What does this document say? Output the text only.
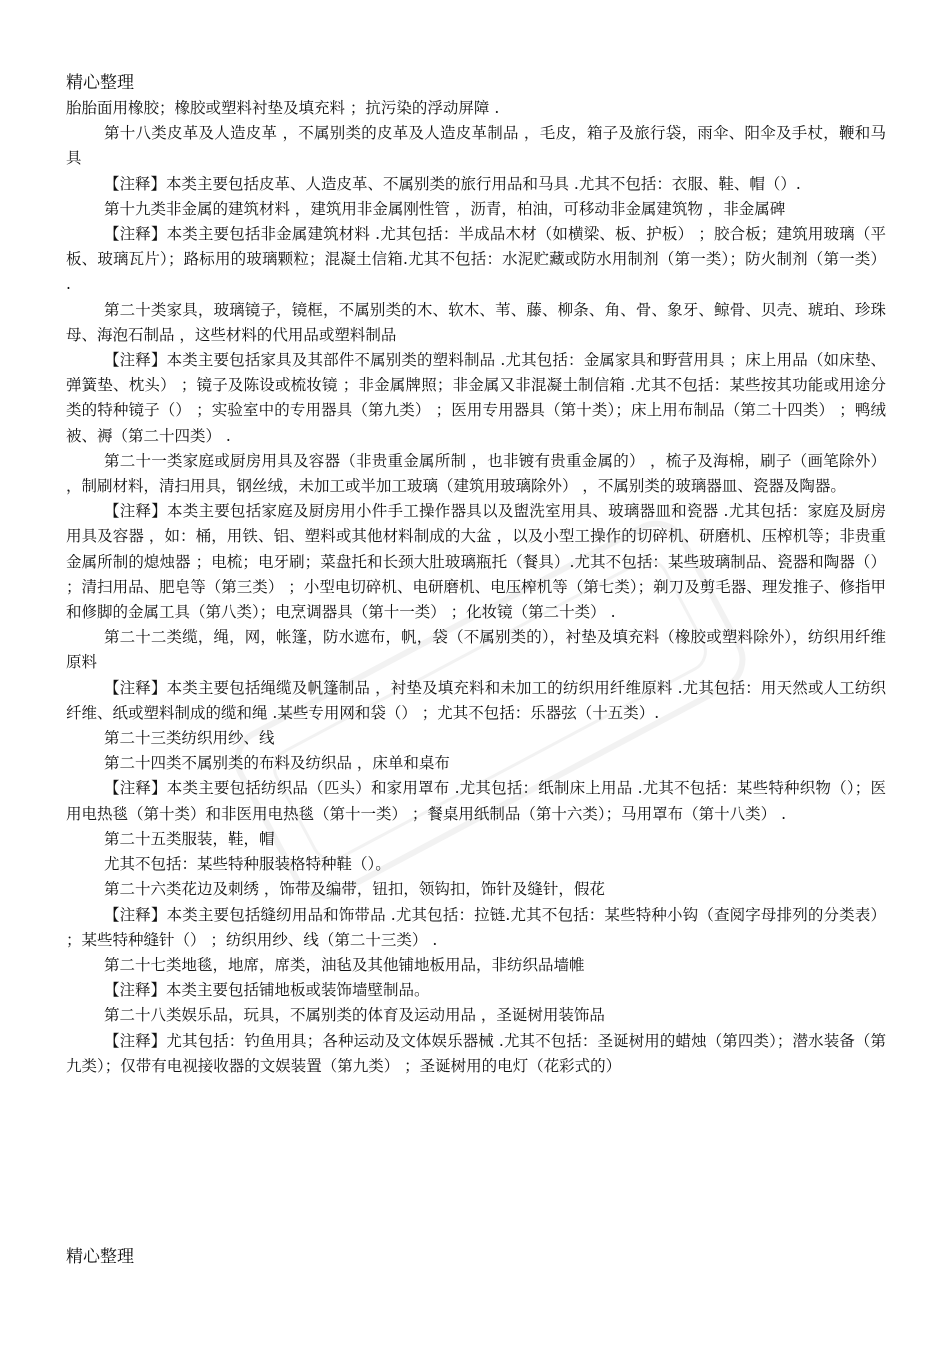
精心整理

胎胎面用橡胶；橡胶或塑料衬垫及填充料 ；抗污染的浮动屏障 .

第十八类皮革及人造皮革 ，不属别类的皮革及人造皮革制品 ，毛皮，箱子及旅行袋，雨伞、阳伞及手杖，鞭和马具

【注释】本类主要包括皮革、人造皮革、不属别类的旅行用品和马具 .尤其不包括：衣服、鞋、帽（）.

第十九类非金属的建筑材料 ，建筑用非金属刚性管 ，沥青，柏油，可移动非金属建筑物 ，非金属碑

【注释】本类主要包括非金属建筑材料 .尤其包括：半成品木材（如横梁、板、护板） ；胶合板；建筑用玻璃（平板、玻璃瓦片）；路标用的玻璃颗粒；混凝土信箱.尤其不包括：水泥贮藏或防水用制剂（第一类）；防火制剂（第一类） .

第二十类家具，玻璃镜子，镜框，不属别类的木、软木、苇、藤、柳条、角、骨、象牙、鲸骨、贝壳、琥珀、珍珠母、海泡石制品 ，这些材料的代用品或塑料制品

【注释】本类主要包括家具及其部件不属别类的塑料制品 .尤其包括：金属家具和野营用具 ；床上用品（如床垫、弹簧垫、枕头） ；镜子及陈设或梳妆镜 ；非金属牌照；非金属又非混凝土制信箱 .尤其不包括：某些按其功能或用途分类的特种镜子（） ；实验室中的专用器具（第九类） ；医用专用器具（第十类）；床上用布制品（第二十四类） ；鸭绒被、褥（第二十四类） .

第二十一类家庭或厨房用具及容器（非贵重金属所制 ，也非镀有贵重金属的） ，梳子及海棉，刷子（画笔除外） ，制刷材料，清扫用具，钢丝绒，未加工或半加工玻璃（建筑用玻璃除外） ，不属别类的玻璃器皿、瓷器及陶器。

【注释】本类主要包括家庭及厨房用小件手工操作器具以及盥洗室用具、玻璃器皿和瓷器 .尤其包括：家庭及厨房用具及容器 ，如：桶，用铁、铝、塑料或其他材料制成的大盆 ，以及小型工操作的切碎机、研磨机、压榨机等；非贵重金属所制的熄烛器 ；电梳；电牙刷；菜盘托和长颈大肚玻璃瓶托（餐具）.尤其不包括：某些玻璃制品、瓷器和陶器（） ；清扫用品、肥皂等（第三类） ；小型电切碎机、电研磨机、电压榨机等（第七类）；剃刀及剪毛器、理发推子、修指甲和修脚的金属工具（第八类）；电烹调器具（第十一类） ；化妆镜（第二十类） .

第二十二类缆，绳，网，帐篷，防水遮布，帆，袋（不属别类的），衬垫及填充料（橡胶或塑料除外），纺织用纤维原料

【注释】本类主要包括绳缆及帆篷制品 ，衬垫及填充料和未加工的纺织用纤维原料 .尤其包括：用天然或人工纺织纤维、纸或塑料制成的缆和绳 .某些专用网和袋（） ；尤其不包括：乐器弦（十五类）.

第二十三类纺织用纱、线

第二十四类不属别类的布料及纺织品 ，床单和桌布

【注释】本类主要包括纺织品（匹头）和家用罩布 .尤其包括：纸制床上用品 .尤其不包括：某些特种织物（）；医用电热毯（第十类）和非医用电热毯（第十一类） ；餐桌用纸制品（第十六类）；马用罩布（第十八类） .

第二十五类服装，鞋，帽

尤其不包括：某些特种服装格特种鞋（）。

第二十六类花边及刺绣 ，饰带及编带，钮扣，领钩扣，饰针及缝针，假花

【注释】本类主要包括缝纫用品和饰带品 .尤其包括：拉链.尤其不包括：某些特种小钩（查阅字母排列的分类表） ；某些特种缝针（） ；纺织用纱、线（第二十三类） .

第二十七类地毯，地席，席类，油毡及其他铺地板用品，非纺织品墙帷

【注释】本类主要包括铺地板或装饰墙壁制品。

第二十八类娱乐品，玩具，不属别类的体育及运动用品 ，圣诞树用装饰品

【注释】尤其包括：钓鱼用具；各种运动及文体娱乐器械 .尤其不包括：圣诞树用的蜡烛（第四类）；潜水装备（第九类）；仅带有电视接收器的文娱装置（第九类） ；圣诞树用的电灯（花彩式的）

精心整理
